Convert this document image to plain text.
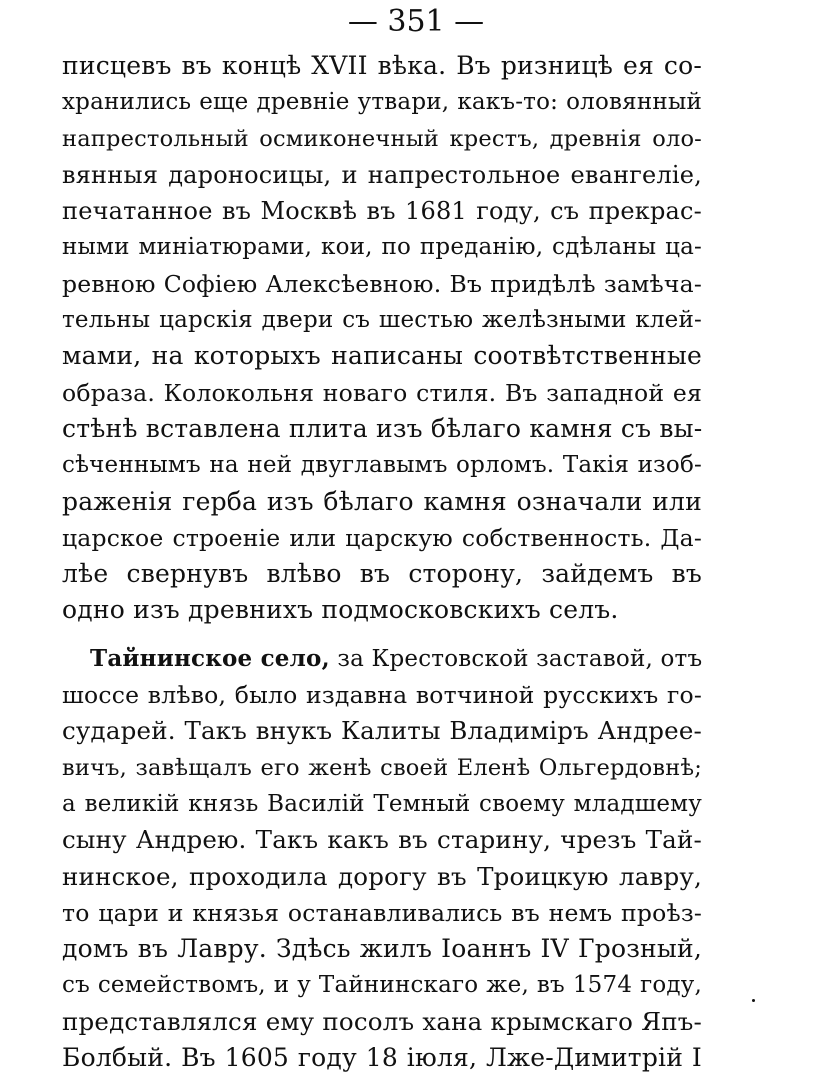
— 351 —
писцевъ въ концѣ XVII вѣка. Въ ризницѣ ея со-
хранились еще древніе утвари, какъ-то: оловянный
напрестольный осмиконечный крестъ, древнія оло-
вянныя дароносицы, и напрестольное евангеліе,
печатанное въ Москвѣ въ 1681 году, съ прекрас-
ными миніатюрами, кои, по преданію, сдѣланы ца-
ревною Софіею Алексѣевною. Въ придѣлѣ замѣча-
тельны царскія двери съ шестью желѣзными клей-
мами, на которыхъ написаны соотвѣтственные
образа. Колокольня новаго стиля. Въ западной ея
стѣнѣ вставлена плита изъ бѣлаго камня съ вы-
сѣченнымъ на ней двуглавымъ орломъ. Такія изоб-
раженія герба изъ бѣлаго камня означали или
царское строеніе или царскую собственность. Да-
лѣе свернувъ влѣво въ сторону, зайдемъ въ
одно изъ древнихъ подмосковскихъ селъ.
Тайнинское село, за Крестовской заставой, отъ
шоссе влѣво, было издавна вотчиной русскихъ го-
сударей. Такъ внукъ Калиты Владиміръ Андрее-
вичъ, завѣщалъ его женѣ своей Еленѣ Ольгердовнѣ;
а великій князь Василій Темный своему младшему
сыну Андрею. Такъ какъ въ старину, чрезъ Тай-
нинское, проходила дорогу въ Троицкую лавру,
то цари и князья останавливались въ немъ проѣз-
домъ въ Лавру. Здѣсь жилъ Іоаннъ IV Грозный,
съ семействомъ, и у Тайнинскаго же, въ 1574 году,
представлялся ему посолъ хана крымскаго Япъ-
Болбый. Въ 1605 году 18 іюля, Лже-Димитрій I
